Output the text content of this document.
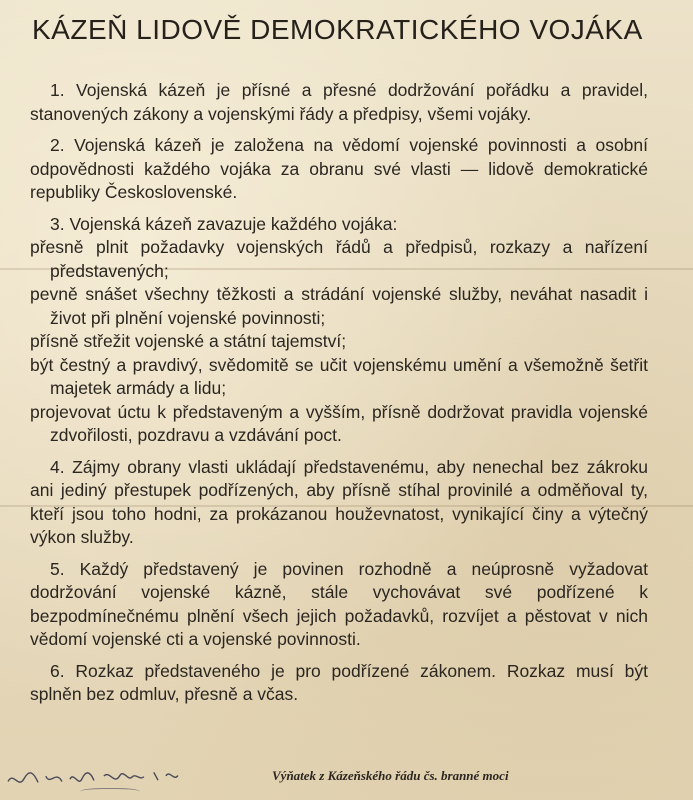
KÁZEŇ LIDOVĚ DEMOKRATICKÉHO VOJÁKA

1. Vojenská kázeň je přísné a přesné dodržování pořádku a pravidel, stanovených zákony a vojenskými řády a předpisy, všemi vojáky.

2. Vojenská kázeň je založena na vědomí vojenské povinnosti a osobní odpovědnosti každého vojáka za obranu své vlasti — lidově demokratické republiky Československé.

3. Vojenská kázeň zavazuje každého vojáka:

přesně plnit požadavky vojenských řádů a předpisů, rozkazy a nařízení představených;

pevně snášet všechny těžkosti a strádání vojenské služby, neváhat nasadit i život při plnění vojenské povinnosti;

přísně střežit vojenské a státní tajemství;

být čestný a pravdivý, svědomitě se učit vojenskému umění a všemožně šetřit majetek armády a lidu;

projevovat úctu k představeným a vyšším, přísně dodržovat pravidla vojenské zdvořilosti, pozdravu a vzdávání poct.

4. Zájmy obrany vlasti ukládají představenému, aby nenechal bez zákroku ani jediný přestupek podřízených, aby přísně stíhal provinilé a odměňoval ty, kteří jsou toho hodni, za prokázanou houževnatost, vynikající činy a výtečný výkon služby.

5. Každý představený je povinen rozhodně a neúprosně vyžadovat dodržování vojenské kázně, stále vychovávat své podřízené k bezpodmínečnému plnění všech jejich požadavků, rozvíjet a pěstovat v nich vědomí vojenské cti a vojenské povinnosti.

6. Rozkaz představeného je pro podřízené zákonem. Rozkaz musí být splněn bez odmluv, přesně a včas.

Výňatek z Kázeňského řádu čs. branné moci
